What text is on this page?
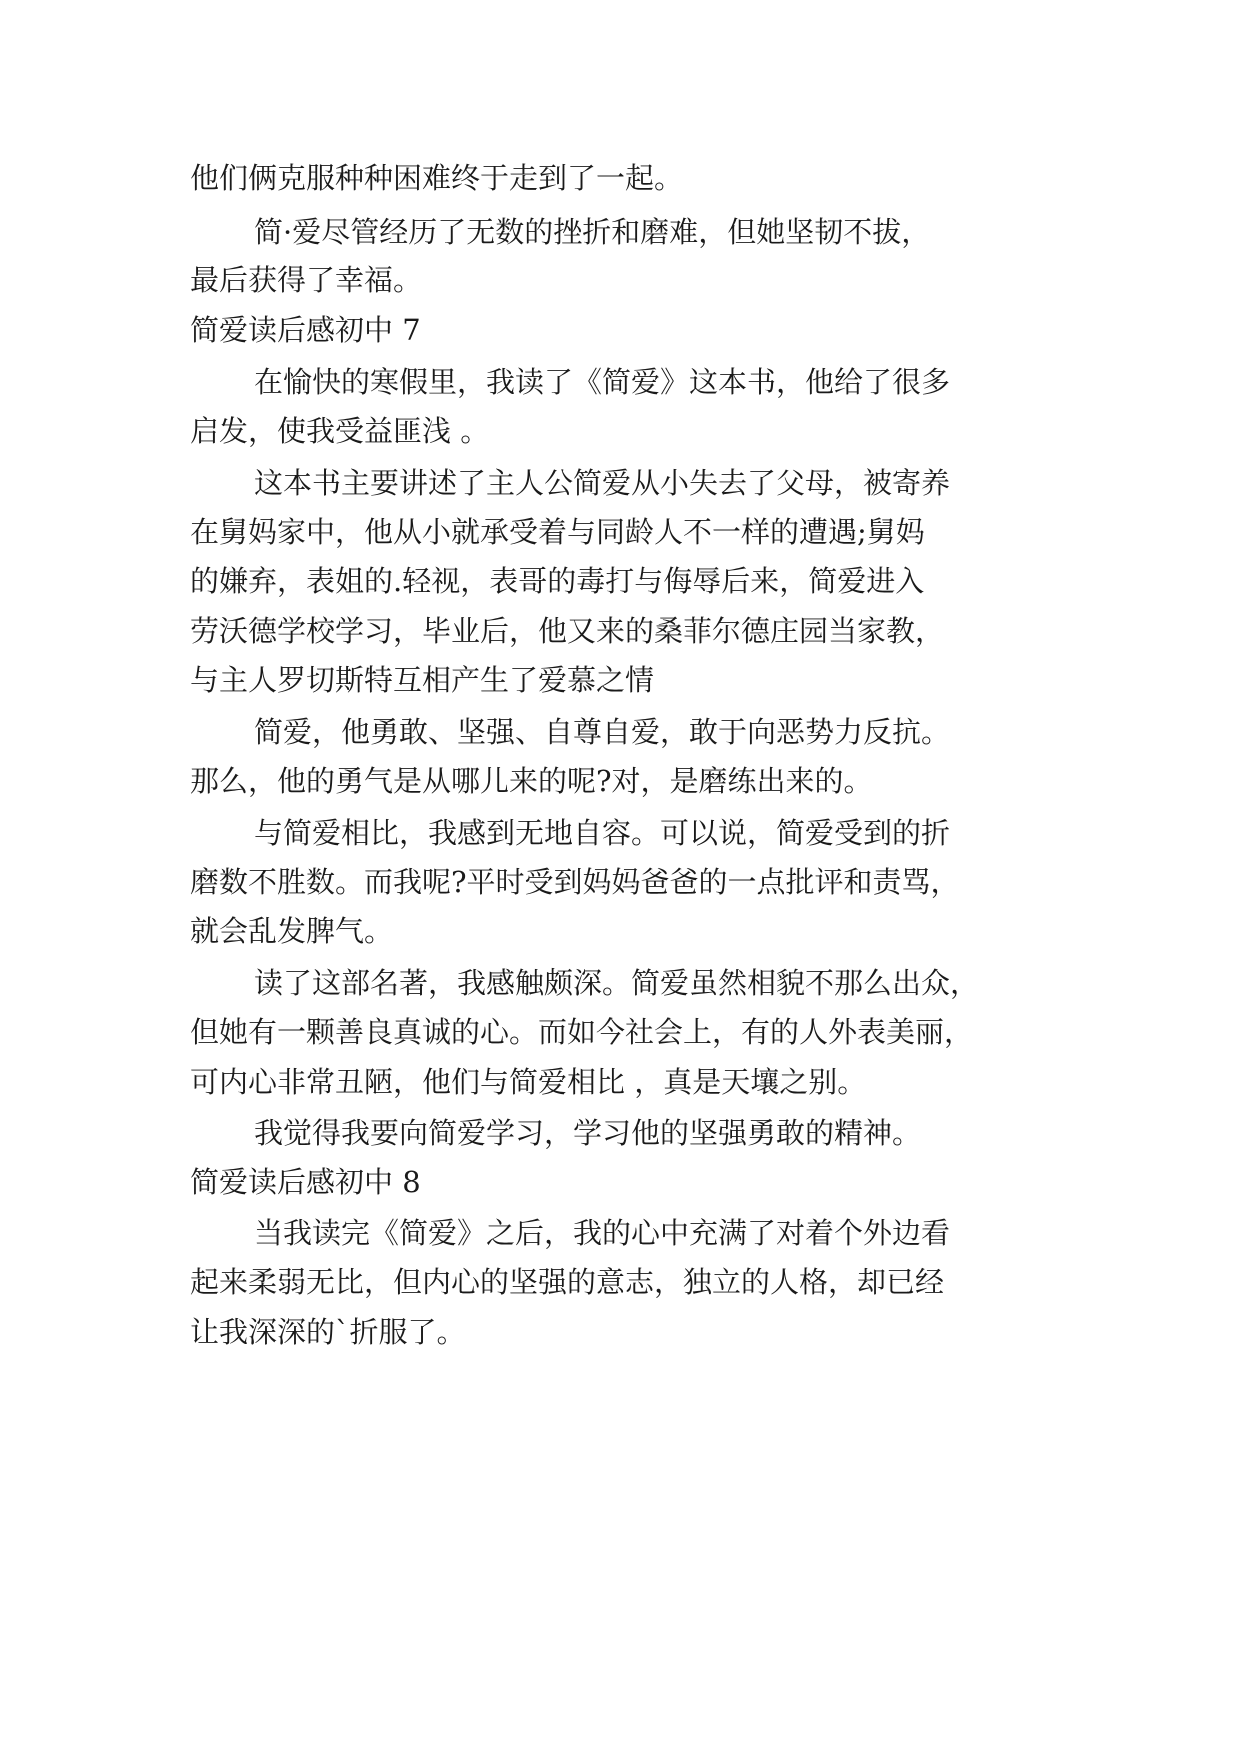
他们俩克服种种困难终于走到了一起。
简·爱尽管经历了无数的挫折和磨难，但她坚韧不拔，
最后获得了幸福。
简爱读后感初中 7
在愉快的寒假里，我读了《简爱》这本书，他给了很多
启发，使我受益匪浅 。
这本书主要讲述了主人公简爱从小失去了父母，被寄养
在舅妈家中，他从小就承受着与同龄人不一样的遭遇;舅妈
的嫌弃，表姐的.轻视，表哥的毒打与侮辱后来，简爱进入
劳沃德学校学习，毕业后，他又来的桑菲尔德庄园当家教，
与主人罗切斯特互相产生了爱慕之情
简爱，他勇敢、坚强、自尊自爱，敢于向恶势力反抗。
那么，他的勇气是从哪儿来的呢?对，是磨练出来的。
与简爱相比，我感到无地自容。可以说，简爱受到的折
磨数不胜数。而我呢?平时受到妈妈爸爸的一点批评和责骂，
就会乱发脾气。
读了这部名著，我感触颇深。简爱虽然相貌不那么出众，
但她有一颗善良真诚的心。而如今社会上，有的人外表美丽，
可内心非常丑陋，他们与简爱相比 ，真是天壤之别。
我觉得我要向简爱学习，学习他的坚强勇敢的精神。
简爱读后感初中 8
当我读完《简爱》之后，我的心中充满了对着个外边看
起来柔弱无比，但内心的坚强的意志，独立的人格，却已经
让我深深的`折服了。
